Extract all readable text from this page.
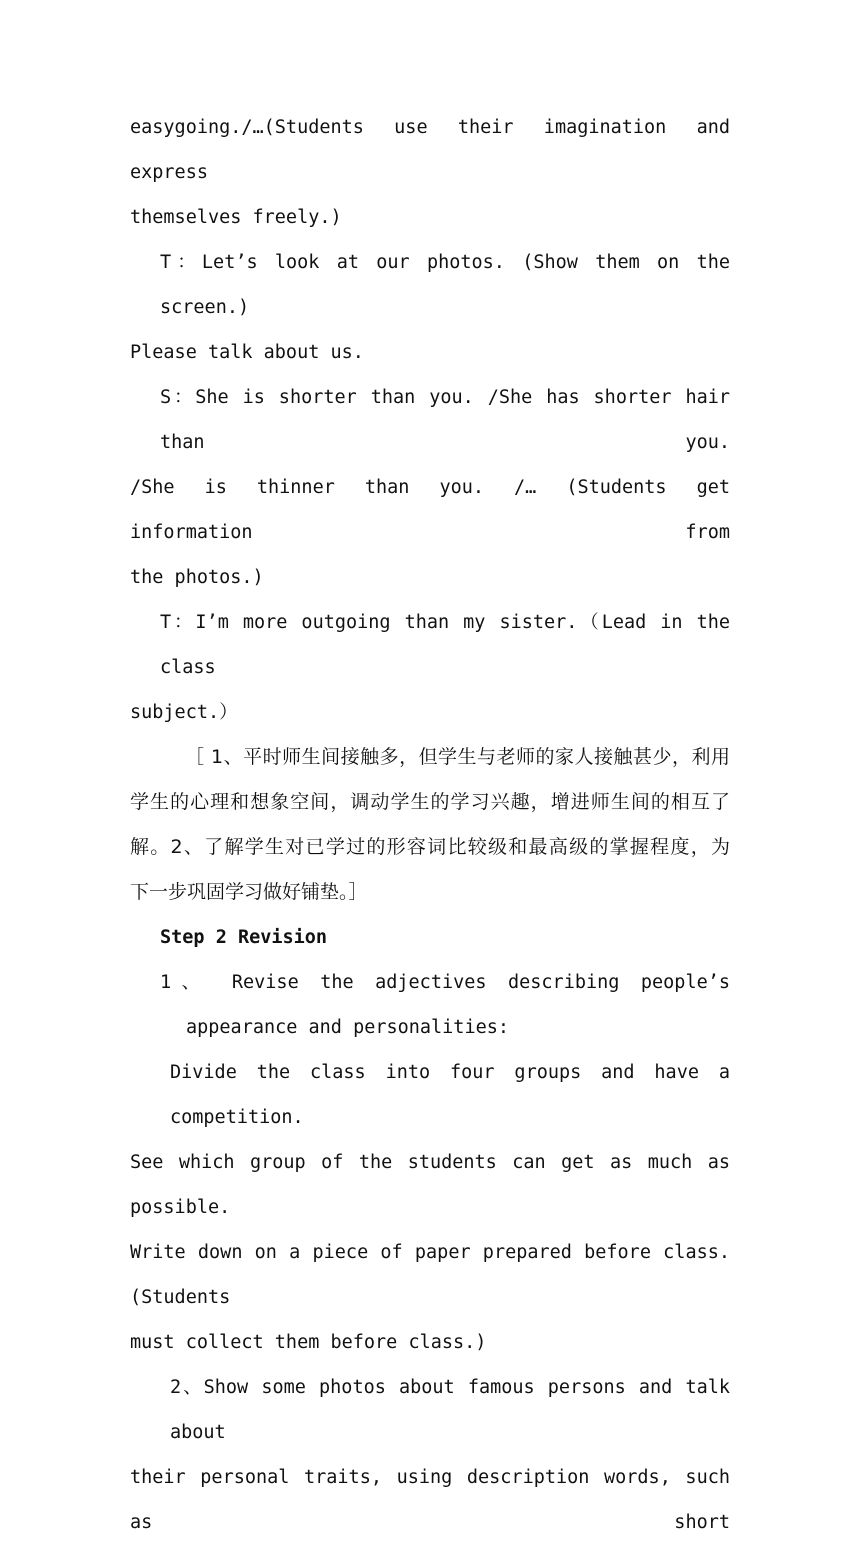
easygoing./…(Students use their imagination and express

themselves freely.)

T：Let’s look at our photos. (Show them on the screen.)

Please talk about us.

S：She is shorter than you. /She has shorter hair than you.

/She is thinner than you. /… (Students get information from

the photos.)

T：I’m more outgoing than my sister.（Lead in the class

subject.）

［ 1、平时师生间接触多，但学生与老师的家人接触甚少，利用

学生的心理和想象空间，调动学生的学习兴趣，增进师生间的相互了

解。2、了解学生对已学过的形容词比较级和最高级的掌握程度，为

下一步巩固学习做好铺垫。］

Step 2 Revision

1、 Revise the adjectives describing people’s

appearance and personalities:

Divide the class into four groups and have a competition.

See which group of the students can get as much as possible.

Write down on a piece of paper prepared before class. (Students

must collect them before class.)

2、Show some photos about famous persons and talk about

their personal traits, using description words, such as short
